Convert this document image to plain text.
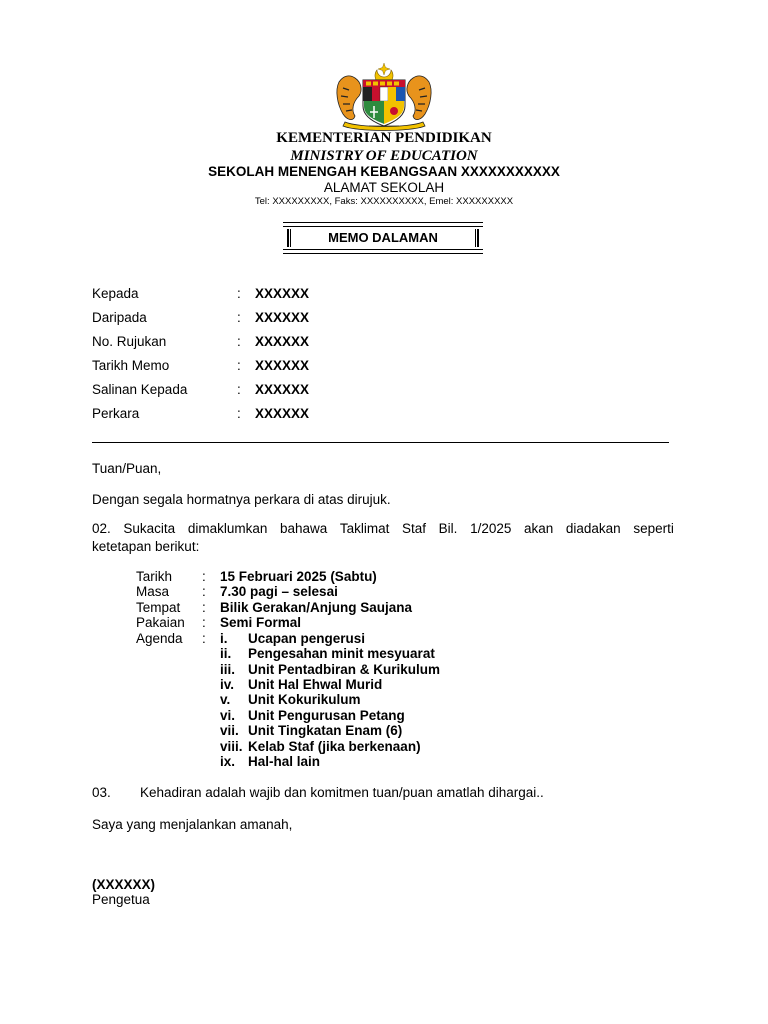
KEMENTERIAN PENDIDIKAN
MINISTRY OF EDUCATION
SEKOLAH MENENGAH KEBANGSAAN XXXXXXXXXXX
ALAMAT SEKOLAH
Tel: XXXXXXXXX, Faks: XXXXXXXXXX, Emel: XXXXXXXXX
MEMO DALAMAN
Kepada	: XXXXXX
Daripada	: XXXXXX
No. Rujukan	: XXXXXX
Tarikh Memo	: XXXXXX
Salinan Kepada	: XXXXXX
Perkara	: XXXXXX
Tuan/Puan,
Dengan segala hormatnya perkara di atas dirujuk.
02. Sukacita dimaklumkan bahawa Taklimat Staf Bil. 1/2025 akan diadakan seperti
ketetapan berikut:
Tarikh : 15 Februari 2025 (Sabtu)
Masa : 7.30 pagi – selesai
Tempat : Bilik Gerakan/Anjung Saujana
Pakaian : Semi Formal
Agenda : i. Ucapan pengerusi
ii. Pengesahan minit mesyuarat
iii. Unit Pentadbiran & Kurikulum
iv. Unit Hal Ehwal Murid
v. Unit Kokurikulum
vi. Unit Pengurusan Petang
vii. Unit Tingkatan Enam (6)
viii. Kelab Staf (jika berkenaan)
ix. Hal-hal lain
03. Kehadiran adalah wajib dan komitmen tuan/puan amatlah dihargai..
Saya yang menjalankan amanah,
(XXXXXX)
Pengetua
